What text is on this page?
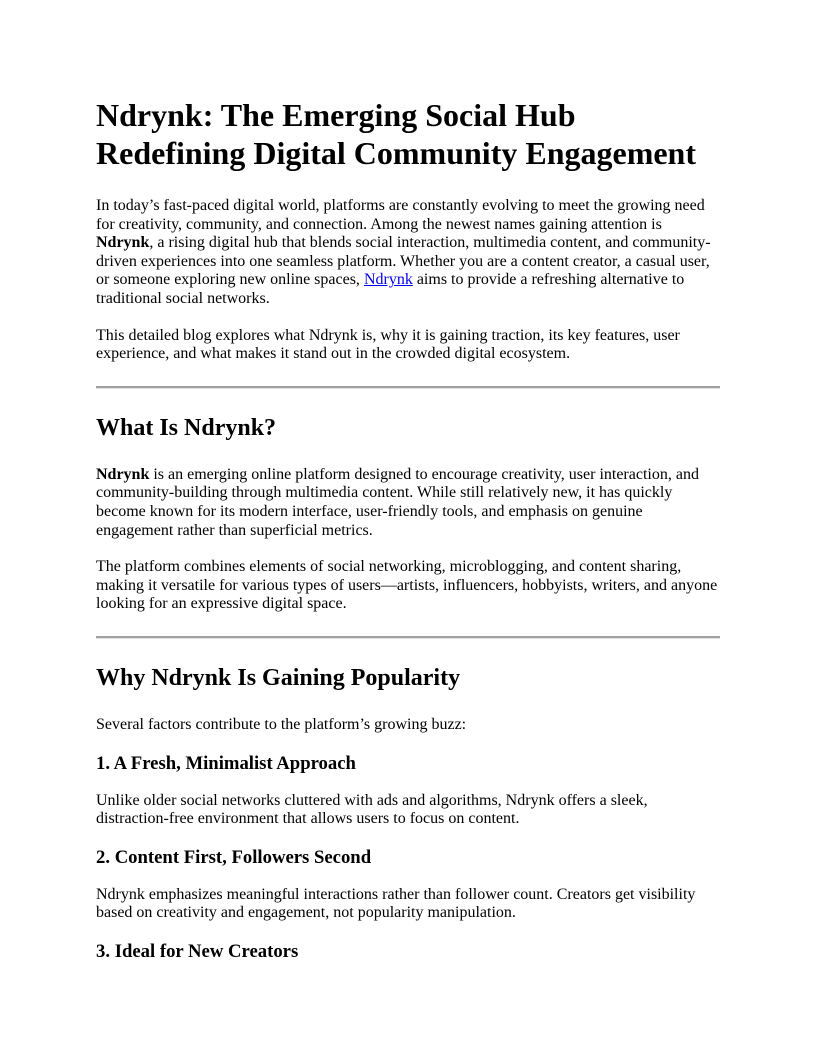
Ndrynk: The Emerging Social Hub Redefining Digital Community Engagement

In today’s fast-paced digital world, platforms are constantly evolving to meet the growing need for creativity, community, and connection. Among the newest names gaining attention is Ndrynk, a rising digital hub that blends social interaction, multimedia content, and community-driven experiences into one seamless platform. Whether you are a content creator, a casual user, or someone exploring new online spaces, Ndrynk aims to provide a refreshing alternative to traditional social networks.

This detailed blog explores what Ndrynk is, why it is gaining traction, its key features, user experience, and what makes it stand out in the crowded digital ecosystem.

What Is Ndrynk?

Ndrynk is an emerging online platform designed to encourage creativity, user interaction, and community-building through multimedia content. While still relatively new, it has quickly become known for its modern interface, user-friendly tools, and emphasis on genuine engagement rather than superficial metrics.

The platform combines elements of social networking, microblogging, and content sharing, making it versatile for various types of users—artists, influencers, hobbyists, writers, and anyone looking for an expressive digital space.

Why Ndrynk Is Gaining Popularity

Several factors contribute to the platform’s growing buzz:

1. A Fresh, Minimalist Approach

Unlike older social networks cluttered with ads and algorithms, Ndrynk offers a sleek, distraction-free environment that allows users to focus on content.

2. Content First, Followers Second

Ndrynk emphasizes meaningful interactions rather than follower count. Creators get visibility based on creativity and engagement, not popularity manipulation.

3. Ideal for New Creators
